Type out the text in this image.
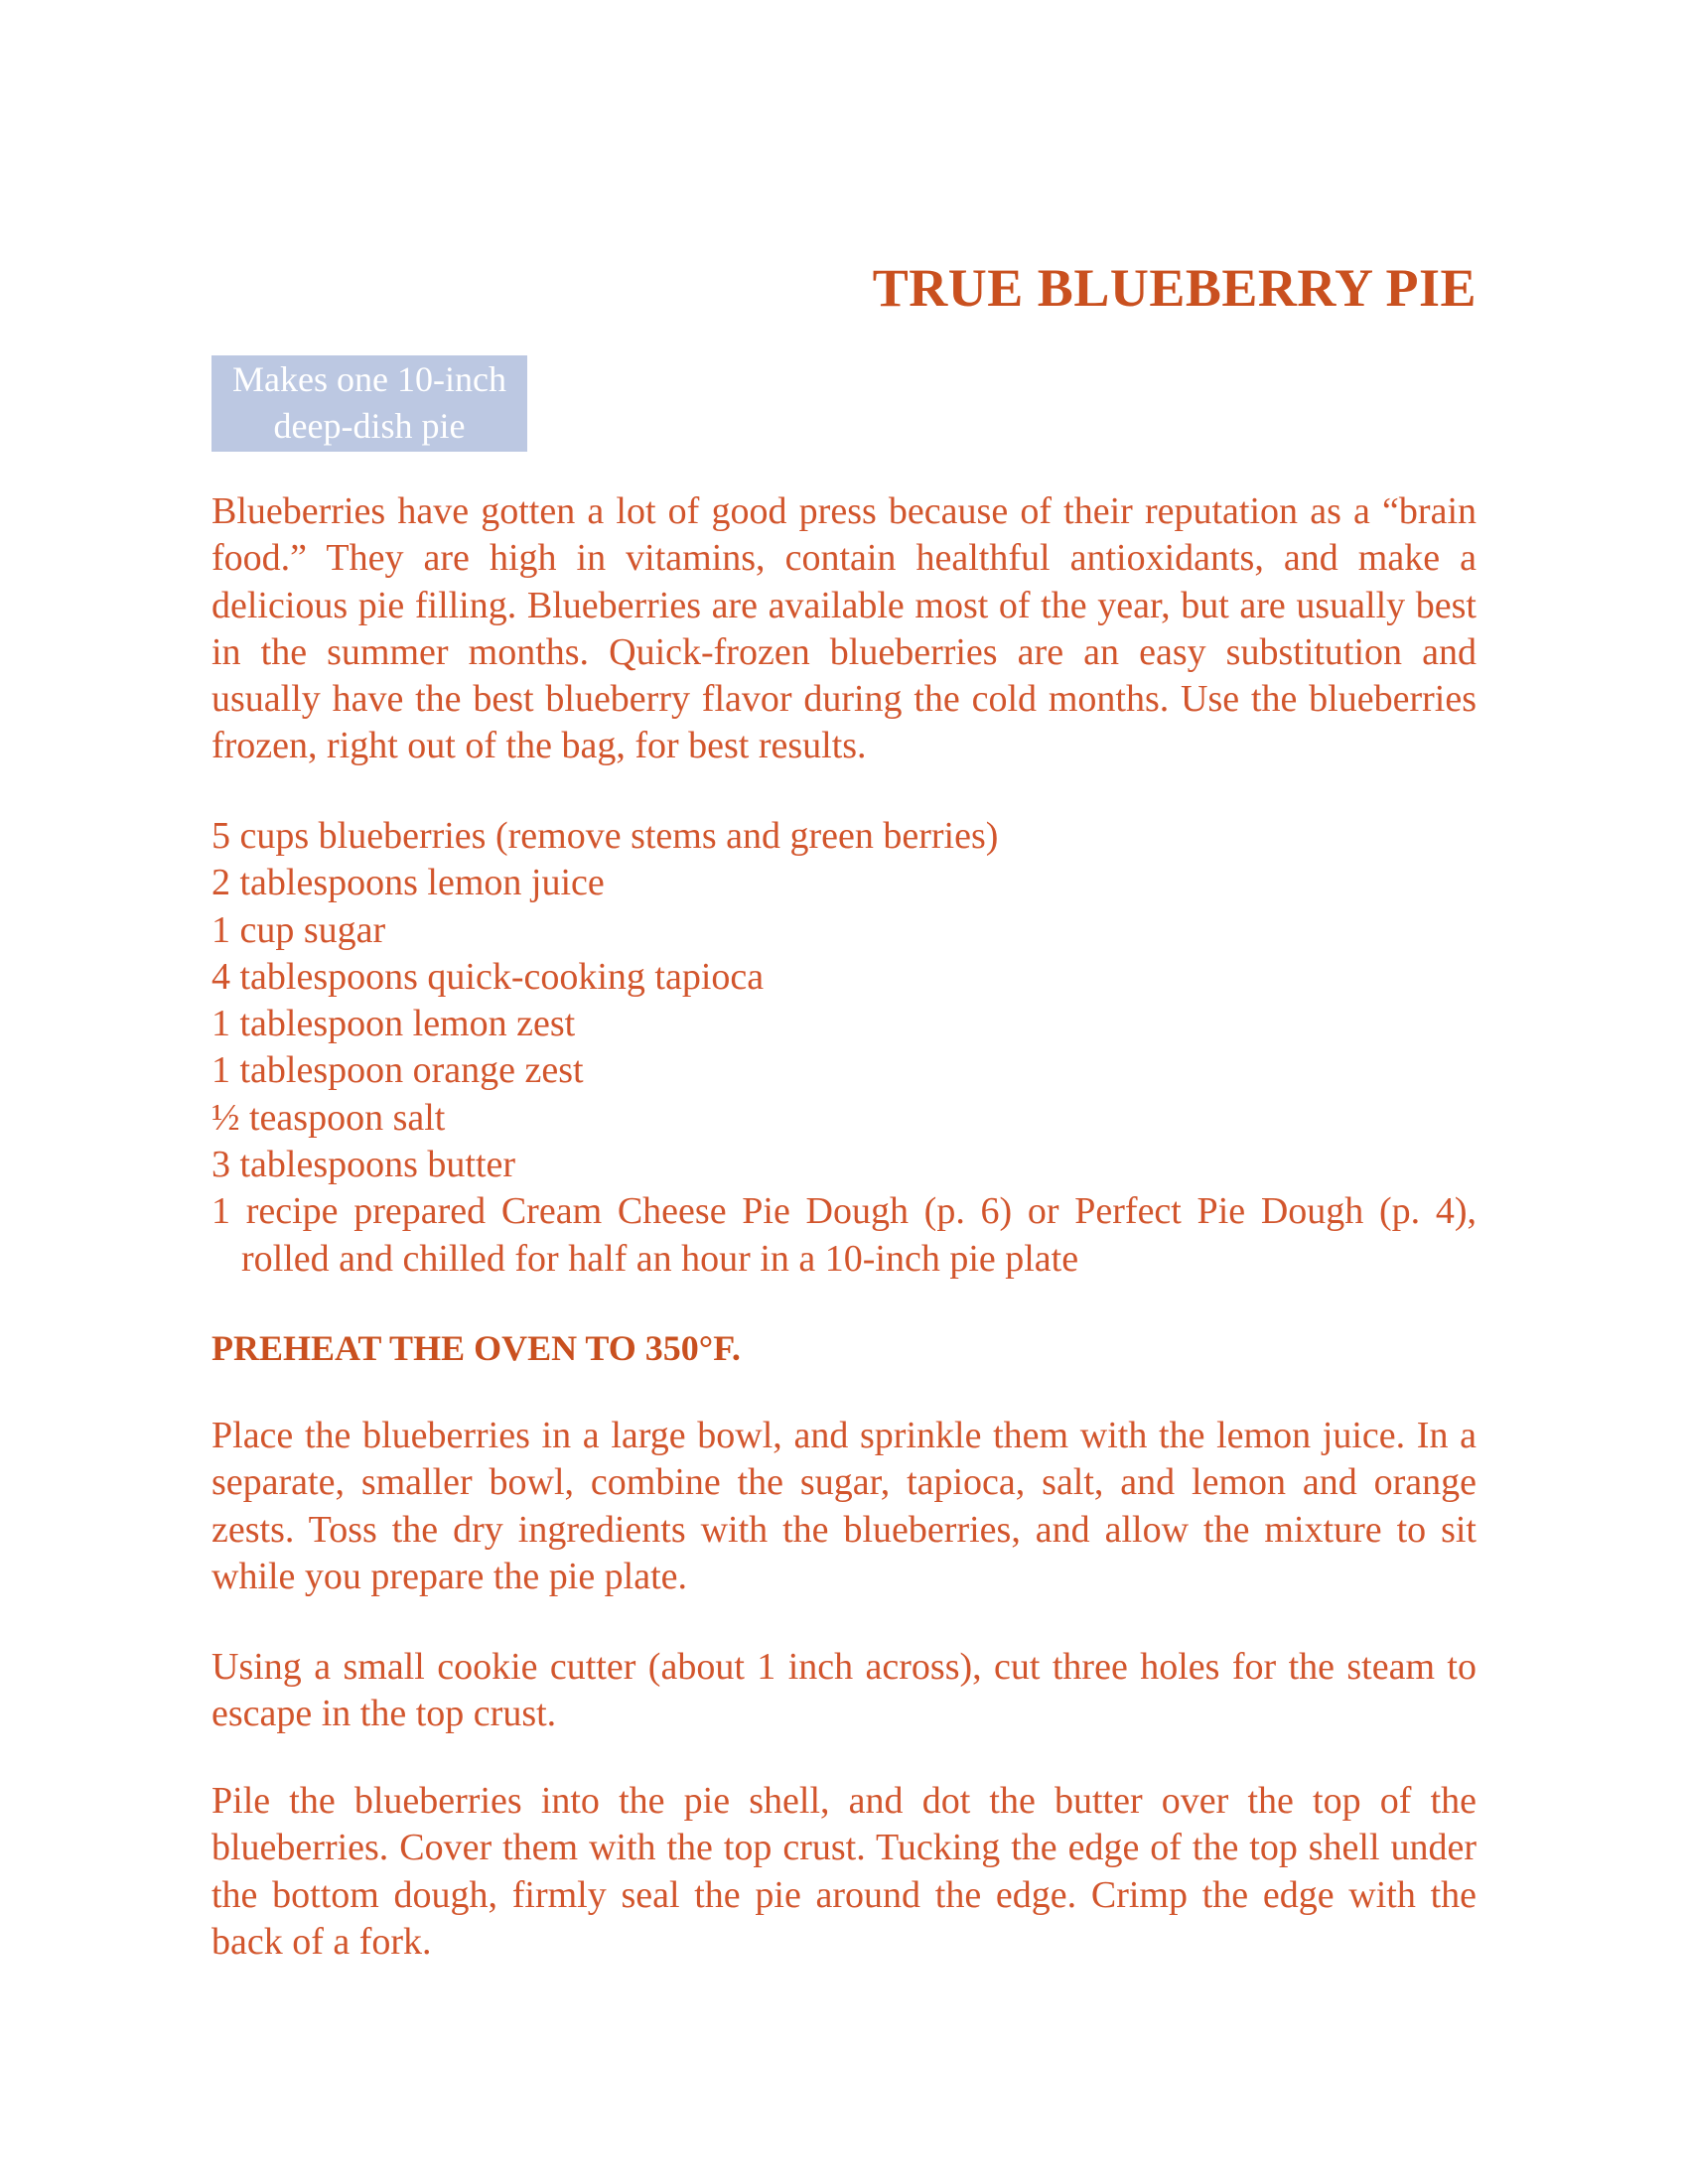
TRUE BLUEBERRY PIE
Makes one 10-inch
deep-dish pie

Blueberries have gotten a lot of good press because of their reputation as a “brain food.” They are high in vitamins, contain healthful antioxidants, and make a delicious pie filling. Blueberries are available most of the year, but are usually best in the summer months. Quick-frozen blueberries are an easy substitution and usually have the best blueberry flavor during the cold months. Use the blueberries frozen, right out of the bag, for best results.

5 cups blueberries (remove stems and green berries)
2 tablespoons lemon juice
1 cup sugar
4 tablespoons quick-cooking tapioca
1 tablespoon lemon zest
1 tablespoon orange zest
½ teaspoon salt
3 tablespoons butter
1 recipe prepared Cream Cheese Pie Dough (p. 6) or Perfect Pie Dough (p. 4), rolled and chilled for half an hour in a 10-inch pie plate
PREHEAT THE OVEN TO 350°F.

Place the blueberries in a large bowl, and sprinkle them with the lemon juice. In a separate, smaller bowl, combine the sugar, tapioca, salt, and lemon and orange zests. Toss the dry ingredients with the blueberries, and allow the mixture to sit while you prepare the pie plate.

Using a small cookie cutter (about 1 inch across), cut three holes for the steam to escape in the top crust.

Pile the blueberries into the pie shell, and dot the butter over the top of the blueberries. Cover them with the top crust. Tucking the edge of the top shell under the bottom dough, firmly seal the pie around the edge. Crimp the edge with the back of a fork.
